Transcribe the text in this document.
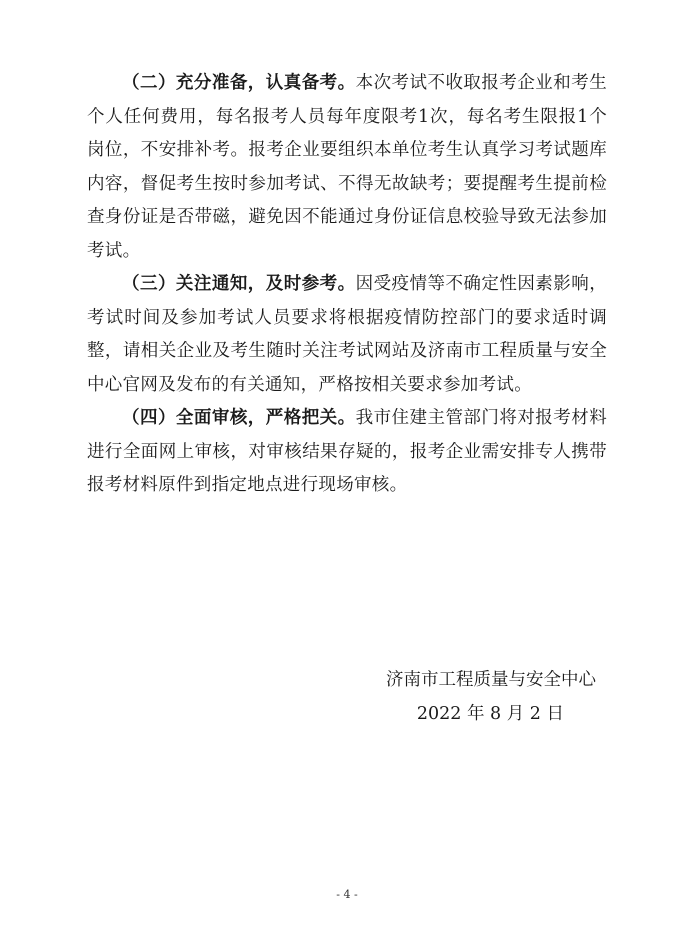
（二）充分准备，认真备考。本次考试不收取报考企业和考生个人任何费用，每名报考人员每年度限考1次，每名考生限报1个岗位，不安排补考。报考企业要组织本单位考生认真学习考试题库内容，督促考生按时参加考试、不得无故缺考；要提醒考生提前检查身份证是否带磁，避免因不能通过身份证信息校验导致无法参加考试。

（三）关注通知，及时参考。因受疫情等不确定性因素影响，考试时间及参加考试人员要求将根据疫情防控部门的要求适时调整，请相关企业及考生随时关注考试网站及济南市工程质量与安全中心官网及发布的有关通知，严格按相关要求参加考试。

（四）全面审核，严格把关。我市住建主管部门将对报考材料进行全面网上审核，对审核结果存疑的，报考企业需安排专人携带报考材料原件到指定地点进行现场审核。

济南市工程质量与安全中心
2022 年 8 月 2 日
- 4 -
